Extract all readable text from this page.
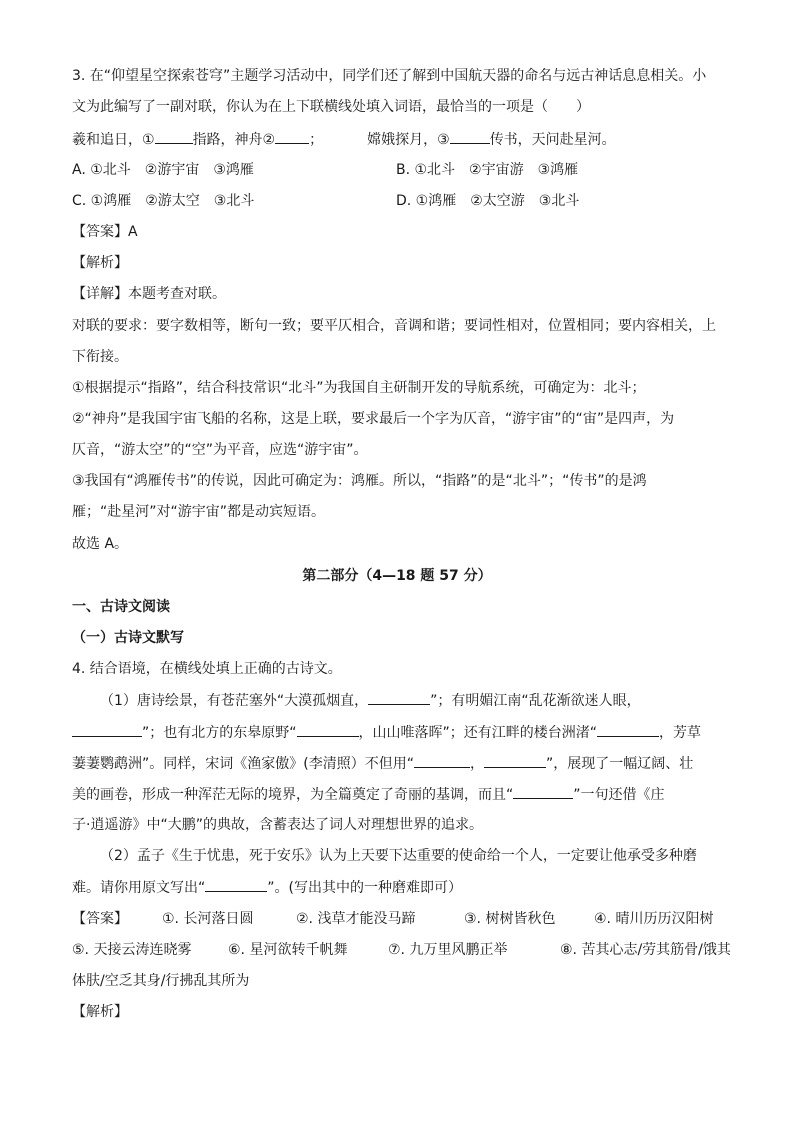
3. 在“仰望星空探索苍穹”主题学习活动中，同学们还了解到中国航天器的命名与远古神话息息相关。小
文为此编写了一副对联，你认为在上下联横线处填入词语，最恰当的一项是（　　）
羲和追日，①	指路，神舟② ；	嫦娥探月，③	传书，天问赴星河。
A. ①北斗　②游宇宙　③鸿雁	B. ①北斗　②宇宙游　③鸿雁
C. ①鸿雁　②游太空　③北斗	D. ①鸿雁　②太空游　③北斗
【答案】A
【解析】
【详解】本题考查对联。
对联的要求：要字数相等，断句一致；要平仄相合，音调和谐；要词性相对，位置相同；要内容相关，上
下衔接。
①根据提示“指路”，结合科技常识“北斗”为我国自主研制开发的导航系统，可确定为：北斗；
②“神舟”是我国宇宙飞船的名称，这是上联，要求最后一个字为仄音，“游宇宙”的“宙”是四声，为
仄音，“游太空”的“空”为平音，应选“游宇宙”。
③我国有“鸿雁传书”的传说，因此可确定为：鸿雁。所以，“指路”的是“北斗”；“传书”的是鸿
雁；“赴星河”对“游宇宙”都是动宾短语。
故选 A。
第二部分（4—18 题 57 分）
一、古诗文阅读
（一）古诗文默写
4. 结合语境，在横线处填上正确的古诗文。
（1）唐诗绘景，有苍茫塞外“大漠孤烟直，	”；有明媚江南“乱花渐欲迷人眼，
”；也有北方的东皋原野“	，山山唯落晖”；还有江畔的楼台洲渚“	，芳草
萋萋鹦鹉洲”。同样，宋词《渔家傲》(李清照）不但用“	，	”，展现了一幅辽阔、壮
美的画卷，形成一种浑茫无际的境界，为全篇奠定了奇丽的基调，而且“	”一句还借《庄
子·逍遥游》中“大鹏”的典故，含蓄表达了词人对理想世界的追求。
（2）孟子《生于忧患，死于安乐》认为上天要下达重要的使命给一个人，一定要让他承受多种磨
难。请你用原文写出“	”。(写出其中的一种磨难即可）
【答案】 ①. 长河落日圆	②. 浅草才能没马蹄	③. 树树皆秋色	④. 晴川历历汉阳树
⑤. 天接云涛连晓雾	⑥. 星河欲转千帆舞	⑦. 九万里风鹏正举	⑧. 苦其心志/劳其筋骨/饿其
体肤/空乏其身/行拂乱其所为
【解析】
